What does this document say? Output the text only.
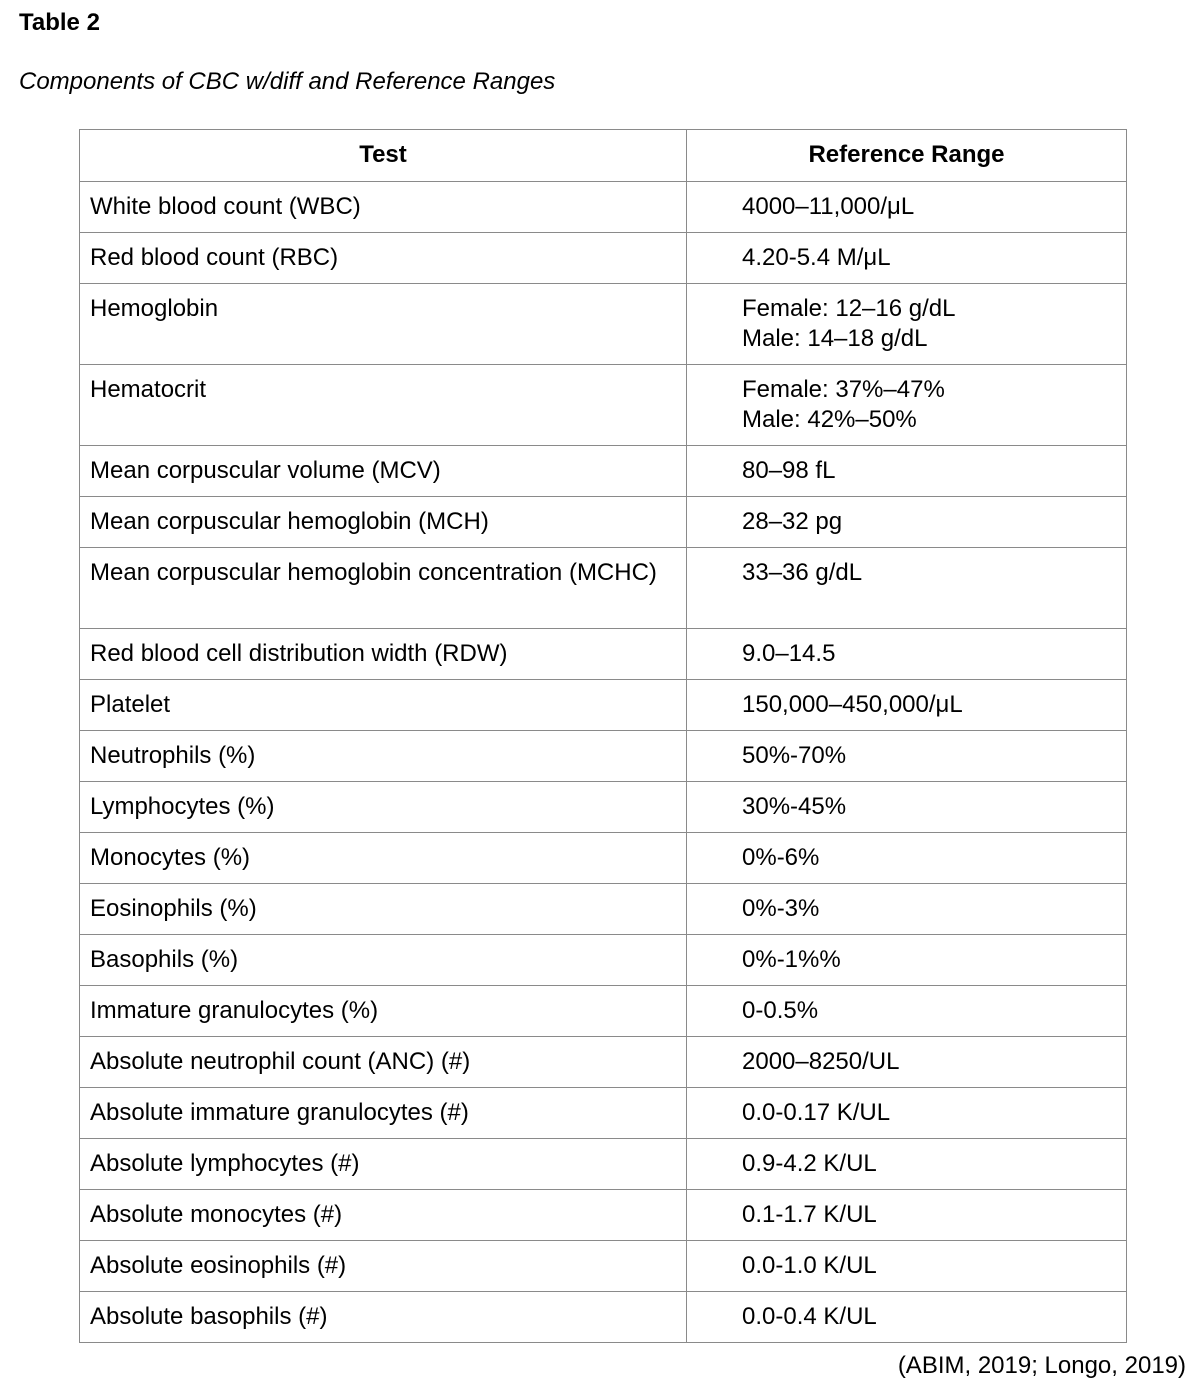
Table 2

Components of CBC w/diff and Reference Ranges

Test	Reference Range
White blood count (WBC)	4000–11,000/μL

Red blood count (RBC)	4.20-5.4 M/μL

Hemoglobin	Female: 12–16 g/dL
Male: 14–18 g/dL

Hematocrit	Female: 37%–47%
Male: 42%–50%

Mean corpuscular volume (MCV)	80–98 fL

Mean corpuscular hemoglobin (MCH)	28–32 pg

Mean corpuscular hemoglobin concentration (MCHC)	33–36 g/dL

Red blood cell distribution width (RDW)	9.0–14.5

Platelet	150,000–450,000/μL

Neutrophils (%)	50%-70%

Lymphocytes (%)	30%-45%

Monocytes (%)	0%-6%

Eosinophils (%)	0%-3%

Basophils (%)	0%-1%%

Immature granulocytes (%)	0-0.5%

Absolute neutrophil count (ANC) (#)	2000–8250/UL

Absolute immature granulocytes (#)	0.0-0.17 K/UL

Absolute lymphocytes (#)	0.9-4.2 K/UL

Absolute monocytes (#)	0.1-1.7 K/UL

Absolute eosinophils (#)	0.0-1.0 K/UL

Absolute basophils (#)	0.0-0.4 K/UL

(ABIM, 2019; Longo, 2019)
